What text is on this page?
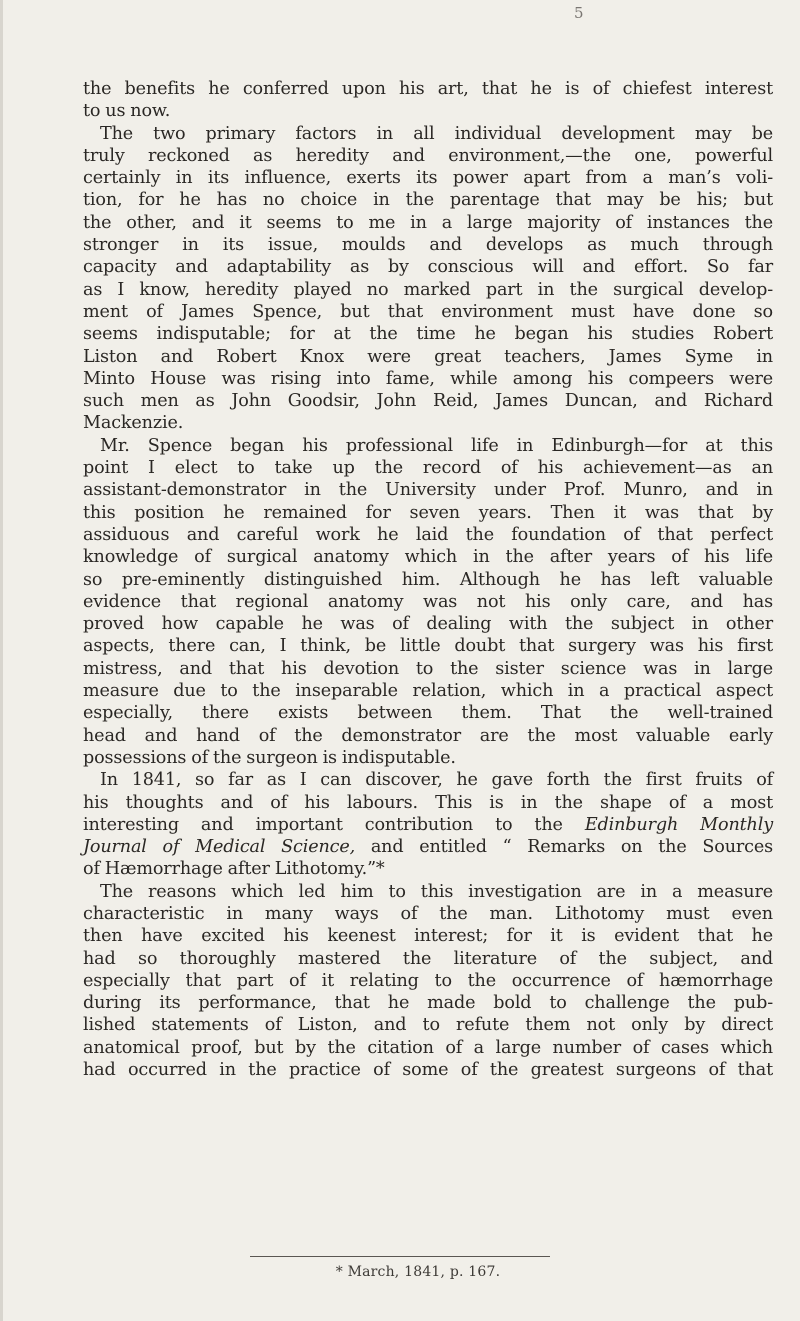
5
the benefits he conferred upon his art, that he is of chiefest interest
to us now.
The two primary factors in all individual development may be
truly reckoned as heredity and environment,—the one, powerful
certainly in its influence, exerts its power apart from a man’s voli-
tion, for he has no choice in the parentage that may be his; but
the other, and it seems to me in a large majority of instances the
stronger in its issue, moulds and develops as much through
capacity and adaptability as by conscious will and effort. So far
as I know, heredity played no marked part in the surgical develop-
ment of James Spence, but that environment must have done so
seems indisputable; for at the time he began his studies Robert
Liston and Robert Knox were great teachers, James Syme in
Minto House was rising into fame, while among his compeers were
such men as John Goodsir, John Reid, James Duncan, and Richard
Mackenzie.
Mr. Spence began his professional life in Edinburgh—for at this
point I elect to take up the record of his achievement—as an
assistant-demonstrator in the University under Prof. Munro, and in
this position he remained for seven years. Then it was that by
assiduous and careful work he laid the foundation of that perfect
knowledge of surgical anatomy which in the after years of his life
so pre-eminently distinguished him. Although he has left valuable
evidence that regional anatomy was not his only care, and has
proved how capable he was of dealing with the subject in other
aspects, there can, I think, be little doubt that surgery was his first
mistress, and that his devotion to the sister science was in large
measure due to the inseparable relation, which in a practical aspect
especially, there exists between them. That the well-trained
head and hand of the demonstrator are the most valuable early
possessions of the surgeon is indisputable.
In 1841, so far as I can discover, he gave forth the first fruits of
his thoughts and of his labours. This is in the shape of a most
interesting and important contribution to the Edinburgh Monthly
Journal of Medical Science, and entitled “ Remarks on the Sources
of Hæmorrhage after Lithotomy.”*
The reasons which led him to this investigation are in a measure
characteristic in many ways of the man. Lithotomy must even
then have excited his keenest interest; for it is evident that he
had so thoroughly mastered the literature of the subject, and
especially that part of it relating to the occurrence of hæmorrhage
during its performance, that he made bold to challenge the pub-
lished statements of Liston, and to refute them not only by direct
anatomical proof, but by the citation of a large number of cases which
had occurred in the practice of some of the greatest surgeons of that
* March, 1841, p. 167.
